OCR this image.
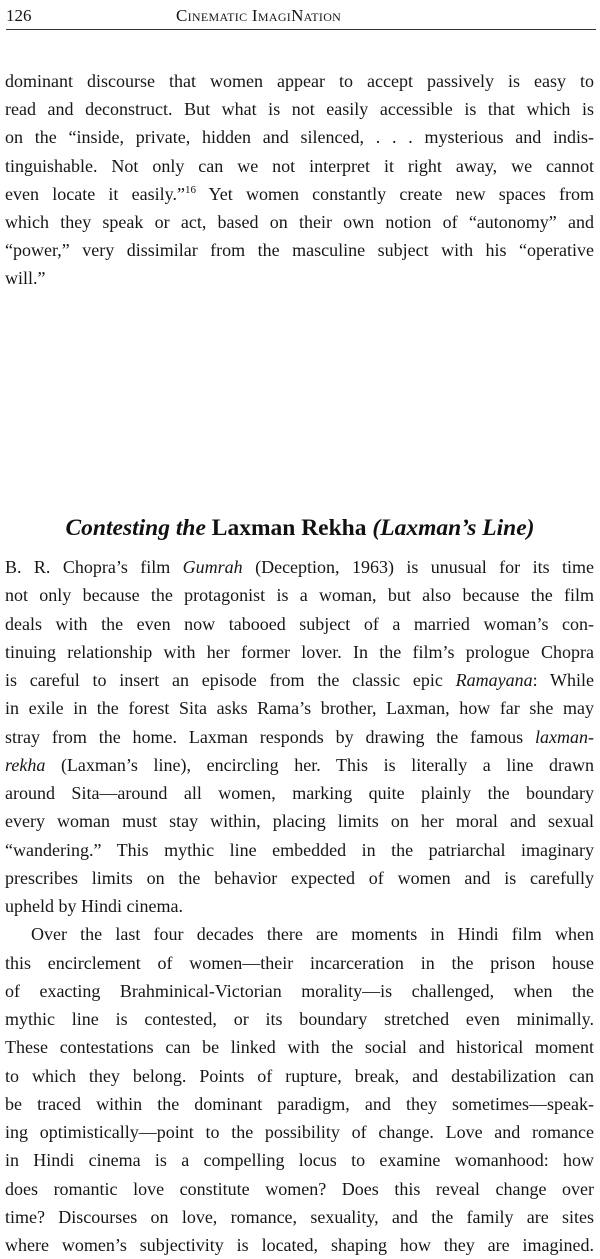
126	Cinematic ImagiNation
dominant discourse that women appear to accept passively is easy to
read and deconstruct. But what is not easily accessible is that which is
on the “inside, private, hidden and silenced, . . . mysterious and indis-
tinguishable. Not only can we not interpret it right away, we cannot
even locate it easily.”$^{16}$ Yet women constantly create new spaces from
which they speak or act, based on their own notion of “autonomy” and
“power,” very dissimilar from the masculine subject with his “operative
will.”
Contesting the Laxman Rekha (Laxman’s Line)
B. R. Chopra’s film Gumrah (Deception, 1963) is unusual for its time
not only because the protagonist is a woman, but also because the film
deals with the even now tabooed subject of a married woman’s con-
tinuing relationship with her former lover. In the film’s prologue Chopra
is careful to insert an episode from the classic epic Ramayana: While
in exile in the forest Sita asks Rama’s brother, Laxman, how far she may
stray from the home. Laxman responds by drawing the famous laxman-
rekha (Laxman’s line), encircling her. This is literally a line drawn
around Sita—around all women, marking quite plainly the boundary
every woman must stay within, placing limits on her moral and sexual
“wandering.” This mythic line embedded in the patriarchal imaginary
prescribes limits on the behavior expected of women and is carefully
upheld by Hindi cinema.
Over the last four decades there are moments in Hindi film when
this encirclement of women—their incarceration in the prison house
of exacting Brahminical-Victorian morality—is challenged, when the
mythic line is contested, or its boundary stretched even minimally.
These contestations can be linked with the social and historical moment
to which they belong. Points of rupture, break, and destabilization can
be traced within the dominant paradigm, and they sometimes—speak-
ing optimistically—point to the possibility of change. Love and romance
in Hindi cinema is a compelling locus to examine womanhood: how
does romantic love constitute women? Does this reveal change over
time? Discourses on love, romance, sexuality, and the family are sites
where women’s subjectivity is located, shaping how they are imagined.
